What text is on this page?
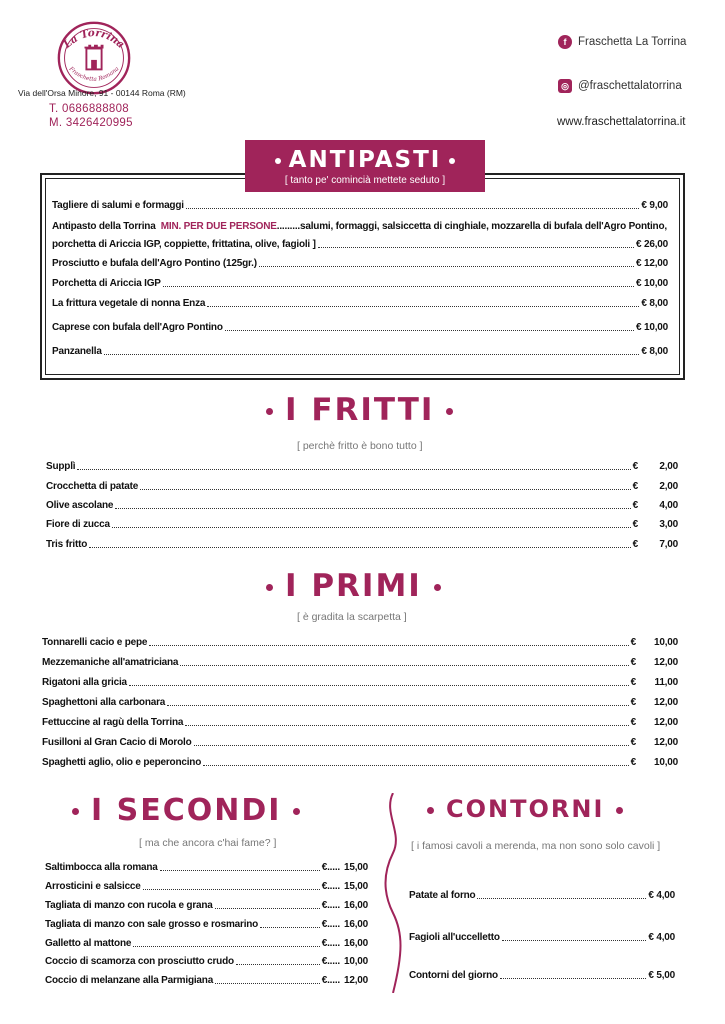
La Torrina
Fraschetta Romana
Via dell'Orsa Minore, 91 - 00144 Roma (RM)
T. 0686888808
M. 3426420995
f	Fraschetta La Torrina
◎ @fraschettalatorrina
www.fraschettalatorrina.it
ANTIPASTI
[ tanto pe' comincià mettete seduto ]
Tagliere di salumi e formaggi	€ 9,00
Antipasto della Torrina
MIN. PER DUE PERSONE ......... salumi, formaggi, salsiccetta di cinghiale, mozzarella di bufala dell'Agro Pontino,
porchetta di Ariccia IGP, coppiette, frittatina, olive, fagioli ]	€ 26,00
Prosciutto e bufala dell'Agro Pontino (125gr.)	€ 12,00
Porchetta di Ariccia IGP	€ 10,00
La frittura vegetale di nonna Enza	€ 8,00
Caprese con bufala dell'Agro Pontino	€ 10,00
Panzanella	€ 8,00
I FRITTI
[ perchè fritto è bono tutto ]
I PRIMI
[ è gradita la scarpetta ]
I SECONDI
[ ma che ancora c'hai fame? ]
CONTORNI
[ i famosi cavoli a merenda, ma non sono solo cavoli ]
Supplì	€	2,00
Crocchetta di patate	€	2,00
Olive ascolane	€	4,00
Fiore di zucca	€	3,00
Tris fritto	€	7,00
Tonnarelli cacio e pepe	€	10,00
Mezzemaniche all'amatriciana	€	12,00
Rigatoni alla gricia	€	11,00
Spaghettoni alla carbonara	€	12,00
Fettuccine al ragù della Torrina	€	12,00
Fusilloni al Gran Cacio di Morolo	€	12,00
Spaghetti aglio, olio e peperoncino	€	10,00
Saltimbocca alla romana	€..... 15,00
Arrosticini e salsicce	€..... 15,00
Tagliata di manzo con rucola e grana	€..... 16,00
Tagliata di manzo con sale grosso e rosmarino	€..... 16,00
Galletto al mattone	€..... 16,00
Coccio di scamorza con prosciutto crudo	€..... 10,00
Coccio di melanzane alla Parmigiana	€..... 12,00
Patate al forno	€ 4,00
Fagioli all'uccelletto	€ 4,00
Contorni del giorno	€ 5,00
